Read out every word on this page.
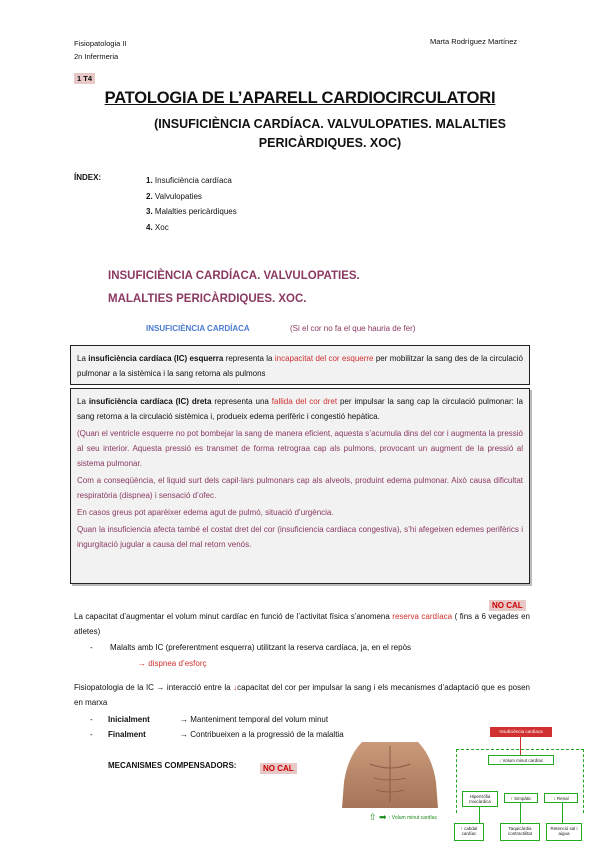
Fisiopatologia II
2n Infermeria
Marta Rodríguez Martínez
1 T4
PATOLOGIA DE L’APARELL CARDIOCIRCULATORI
(INSUFICIÈNCIA CARDÍACA. VALVULOPATIES. MALALTIES PERICÀRDIQUES. XOC)
ÍNDEX:	1. Insuficiència cardíaca
2. Valvulopaties
3. Malalties pericàrdiques
4. Xoc
INSUFICIÈNCIA CARDÍACA. VALVULOPATIES.
MALALTIES PERICÀRDIQUES. XOC.
INSUFICIÈNCIA CARDÍACA	(Si el cor no fa el que hauria de fer)
La insuficiència cardíaca (IC) esquerra representa la incapacitat del cor esquerre per mobilitzar la sang des de la circulació pulmonar a la sistèmica i la sang retorna als pulmons

La insuficiència cardíaca (IC) dreta representa una fallida del cor dret per impulsar la sang cap la circulació pulmonar: la sang retorna a la circulació sistèmica i, produeix edema perifèric i congestió hepàtica.

(Quan el ventricle esquerre no pot bombejar la sang de manera eficient, aquesta s’acumula dins del cor i augmenta la pressió al seu interior. Aquesta pressió es transmet de forma retrograa cap als pulmons, provocant un augment de la pressió al sistema pulmonar.

Com a conseqüència, el liquid surt dels capil·lars pulmonars cap als alveols, produint edema pulmonar. Això causa dificultat respiratòria (dispnea) i sensació d’ofec.

En casos greus pot aparèixer edema agut de pulmó, situació d’urgència.

Quan la insuficiencia afecta també el costat dret del cor (insuficiencia cardiaca congestiva), s’hi afegeixen edemes perifèrics i ingurgitació jugular a causa del mal retorn venós.

NO CAL
La capacitat d’augmentar el volum minut cardíac en funció de l’activitat física s’anomena reserva cardíaca ( fins a 6 vegades en atletes)
- Malalts amb IC (preferentment esquerra) utilitzant la reserva cardíaca, ja, en el repòs
→ dispnea d’esforç
Fisiopatologia de la IC → interacció entre la ↓capacitat del cor per impulsar la sang i els mecanismes d’adaptació que es posen en marxa
- Inicialment	→ Manteniment temporal del volum minut
- Finalment	→ Contribueixen a la progressió de la malaltia
MECANISMES COMPENSADORS:	NO CAL
⇧ ➡ ↑ Volum minut cardíac
Insuficiència cardíaca
↓ Volum minut cardíac
Hipertròfia miocàrdica
↑ Simpàtic	↓ Renal
↑ cabdal cardíac
Taquicàrdia contractilitat
Retenció sal i aigua
